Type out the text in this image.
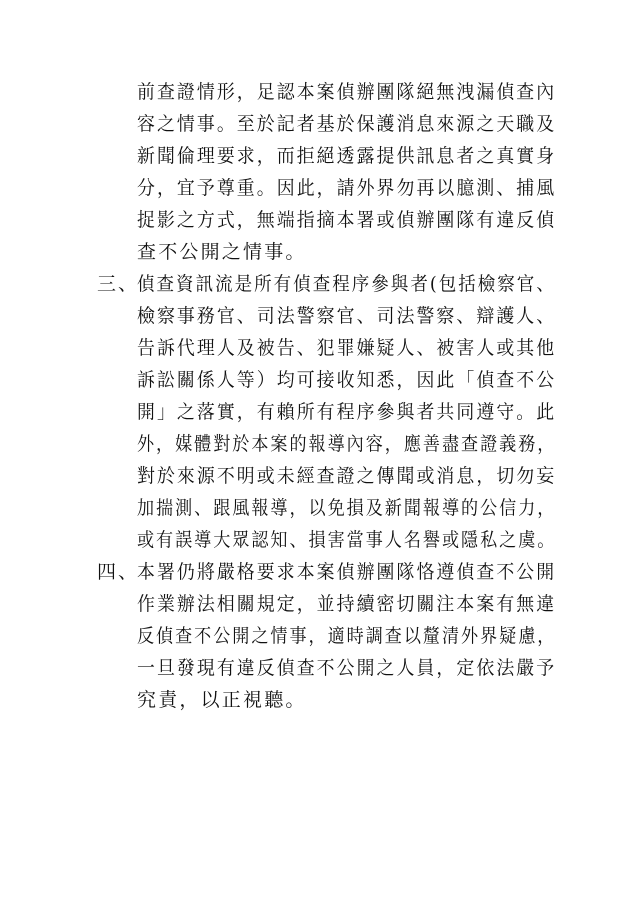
前查證情形，足認本案偵辦團隊絕無洩漏偵查內
容之情事。至於記者基於保護消息來源之天職及
新聞倫理要求，而拒絕透露提供訊息者之真實身
分，宜予尊重。因此，請外界勿再以臆測、捕風
捉影之方式，無端指摘本署或偵辦團隊有違反偵
查不公開之情事。
三、
偵查資訊流是所有偵查程序參與者(包括檢察官、
檢察事務官、司法警察官、司法警察、辯護人、
告訴代理人及被告、犯罪嫌疑人、被害人或其他
訴訟關係人等）均可接收知悉，因此「偵查不公
開」之落實，有賴所有程序參與者共同遵守。此
外，媒體對於本案的報導內容，應善盡查證義務，
對於來源不明或未經查證之傳聞或消息，切勿妄
加揣測、跟風報導，以免損及新聞報導的公信力，
或有誤導大眾認知、損害當事人名譽或隱私之虞。
四、
本署仍將嚴格要求本案偵辦團隊恪遵偵查不公開
作業辦法相關規定，並持續密切關注本案有無違
反偵查不公開之情事，適時調查以釐清外界疑慮，
一旦發現有違反偵查不公開之人員，定依法嚴予
究責，以正視聽。
